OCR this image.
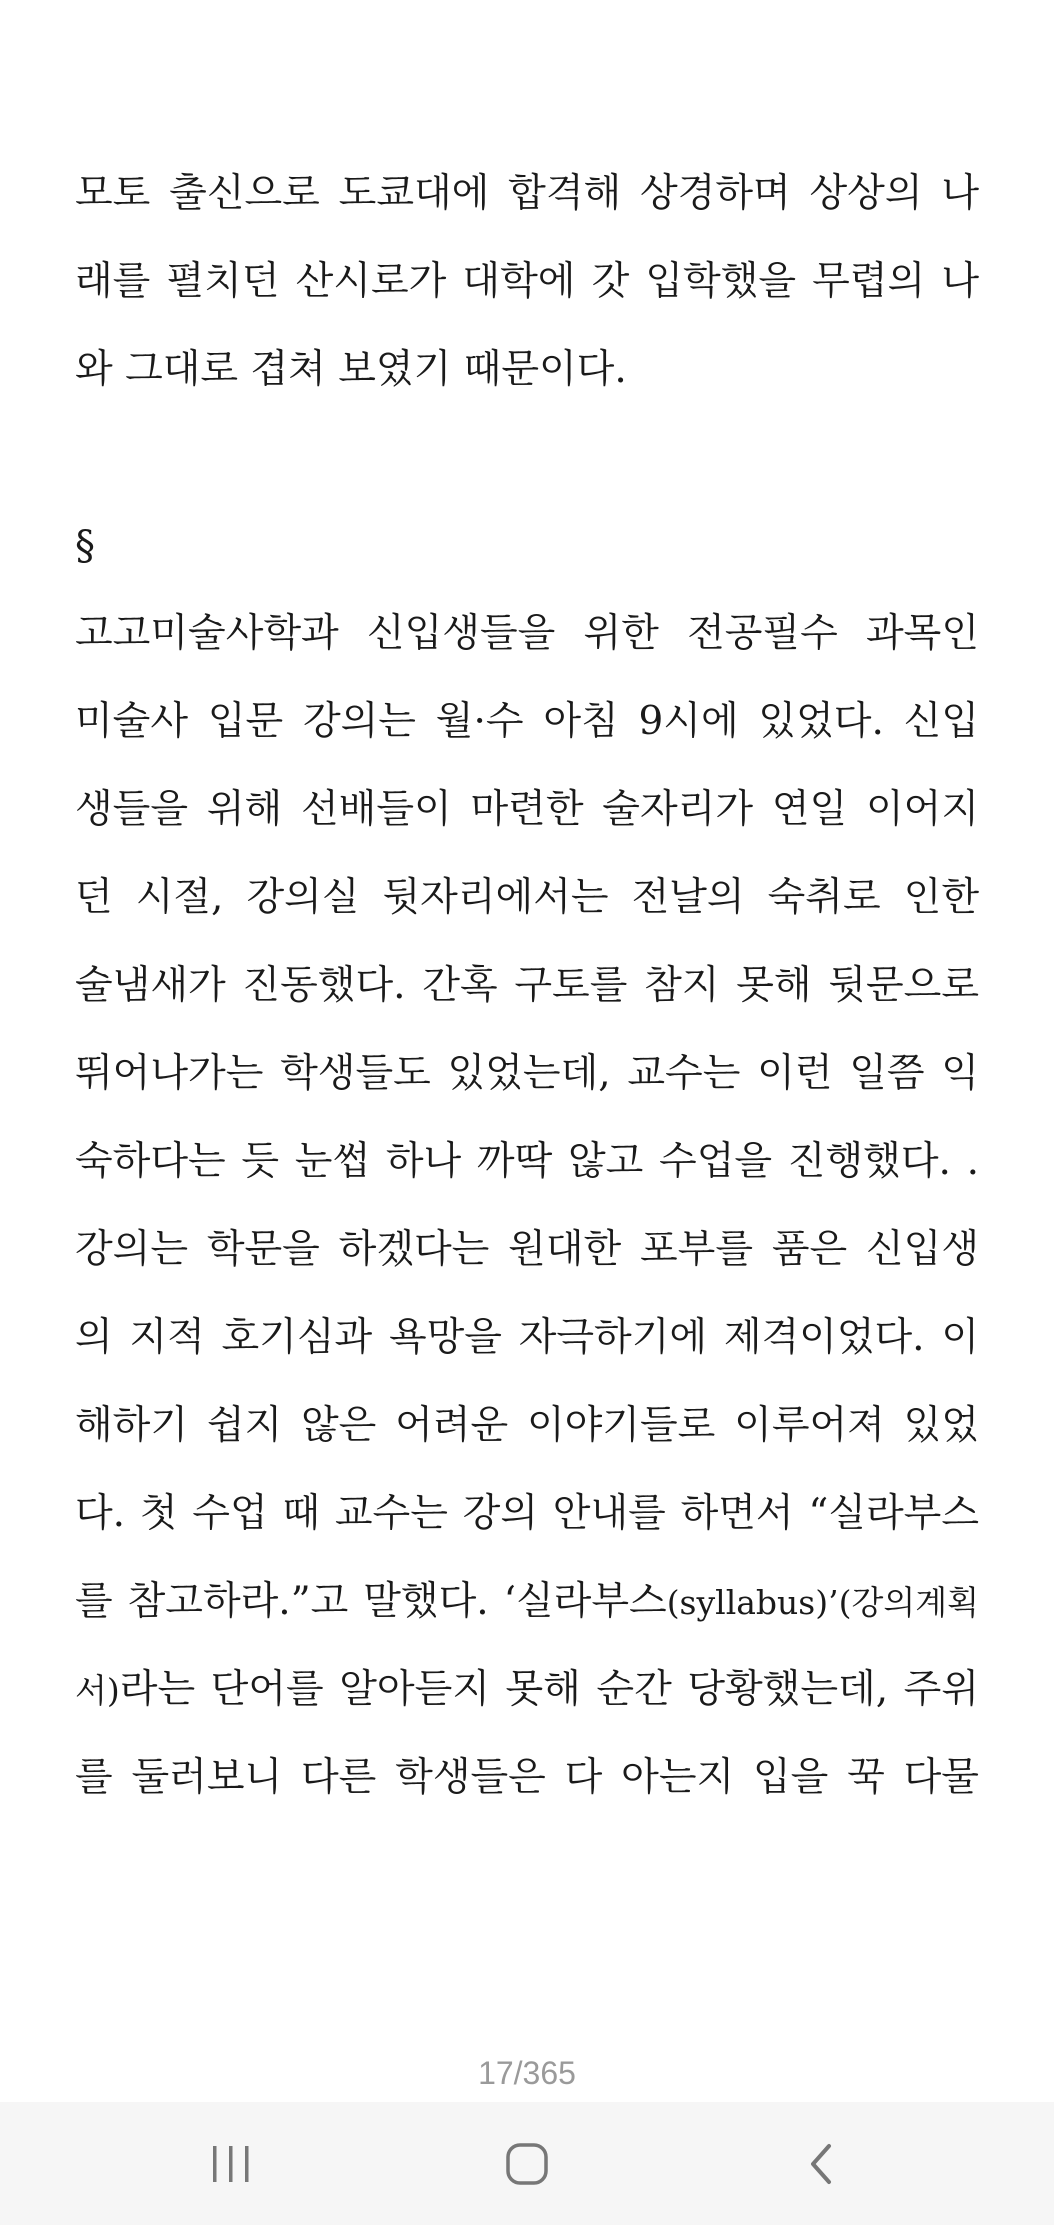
모토 출신으로 도쿄대에 합격해 상경하며 상상의 나
래를 펼치던 산시로가 대학에 갓 입학했을 무렵의 나
와 그대로 겹쳐 보였기 때문이다.

§

고고미술사학과 신입생들을 위한 전공필수 과목인
미술사 입문 강의는 월·수 아침 9시에 있었다. 신입
생들을 위해 선배들이 마련한 술자리가 연일 이어지
던 시절, 강의실 뒷자리에서는 전날의 숙취로 인한
술냄새가 진동했다. 간혹 구토를 참지 못해 뒷문으로
뛰어나가는 학생들도 있었는데, 교수는 이런 일쯤 익
숙하다는 듯 눈썹 하나 까딱 않고 수업을 진행했다. .
강의는 학문을 하겠다는 원대한 포부를 품은 신입생
의 지적 호기심과 욕망을 자극하기에 제격이었다. 이
해하기 쉽지 않은 어려운 이야기들로 이루어져 있었
다. 첫 수업 때 교수는 강의 안내를 하면서 “실라부스
를 참고하라.”고 말했다. ‘실라부스(syllabus)’(강의계획
서)라는 단어를 알아듣지 못해 순간 당황했는데, 주위
를 둘러보니 다른 학생들은 다 아는지 입을 꾹 다물

17/365
